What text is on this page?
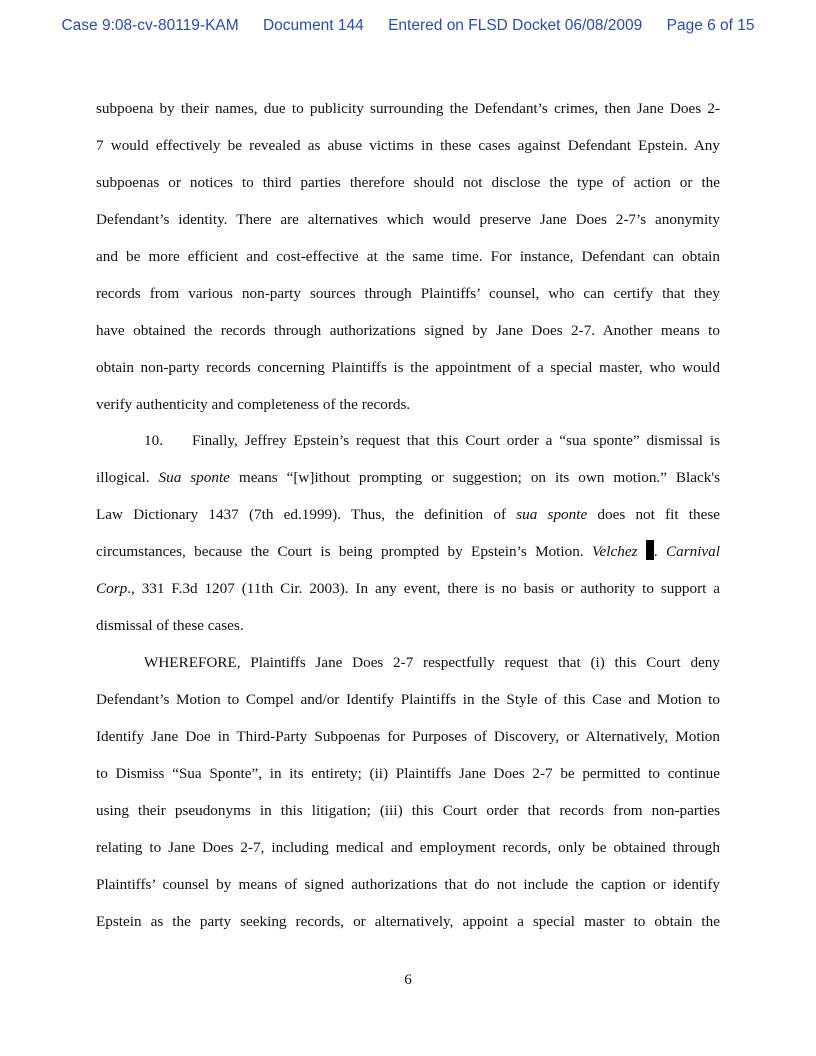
Case 9:08-cv-80119-KAM Document 144 Entered on FLSD Docket 06/08/2009 Page 6 of 15
subpoena by their names, due to publicity surrounding the Defendant’s crimes, then Jane Does 2-
7 would effectively be revealed as abuse victims in these cases against Defendant Epstein. Any
subpoenas or notices to third parties therefore should not disclose the type of action or the
Defendant’s identity. There are alternatives which would preserve Jane Does 2-7’s anonymity
and be more efficient and cost-effective at the same time. For instance, Defendant can obtain
records from various non-party sources through Plaintiffs’ counsel, who can certify that they
have obtained the records through authorizations signed by Jane Does 2-7. Another means to
obtain non-party records concerning Plaintiffs is the appointment of a special master, who would
verify authenticity and completeness of the records.
10. Finally, Jeffrey Epstein’s request that this Court order a “sua sponte” dismissal is
illogical. Sua sponte means “[w]ithout prompting or suggestion; on its own motion.” Black's
Law Dictionary 1437 (7th ed.1999). Thus, the definition of sua sponte does not fit these
circumstances, because the Court is being prompted by Epstein’s Motion. Velchez . Carnival
Corp., 331 F.3d 1207 (11th Cir. 2003). In any event, there is no basis or authority to support a
dismissal of these cases.
WHEREFORE, Plaintiffs Jane Does 2-7 respectfully request that (i) this Court deny
Defendant’s Motion to Compel and/or Identify Plaintiffs in the Style of this Case and Motion to
Identify Jane Doe in Third-Party Subpoenas for Purposes of Discovery, or Alternatively, Motion
to Dismiss “Sua Sponte”, in its entirety; (ii) Plaintiffs Jane Does 2-7 be permitted to continue
using their pseudonyms in this litigation; (iii) this Court order that records from non-parties
relating to Jane Does 2-7, including medical and employment records, only be obtained through
Plaintiffs’ counsel by means of signed authorizations that do not include the caption or identify
Epstein as the party seeking records, or alternatively, appoint a special master to obtain the
6
